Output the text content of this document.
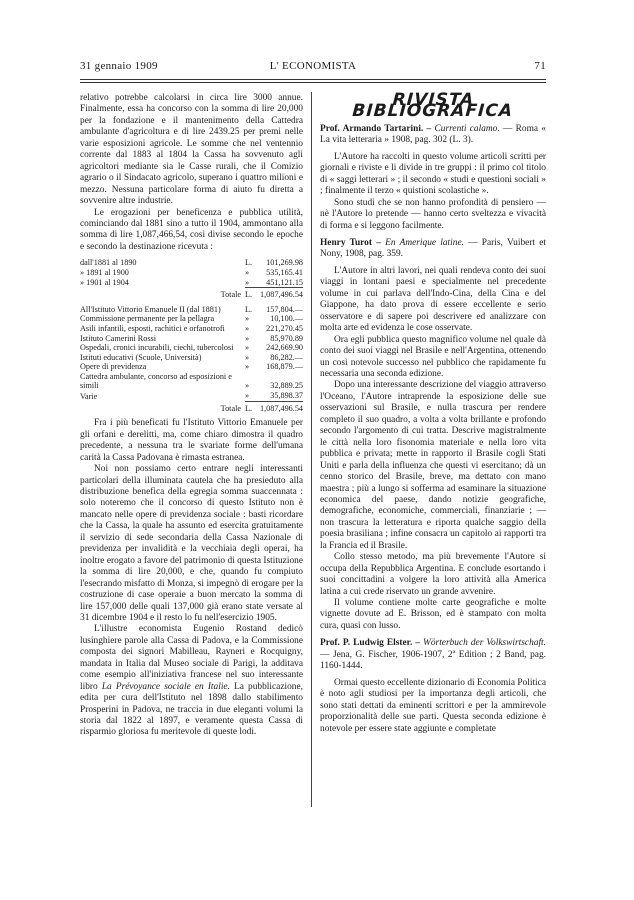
31 gennaio 1909	L' ECONOMISTA	71

relativo potrebbe calcolarsi in circa lire 3000 annue. Finalmente, essa ha concorso con la somma di lire 20,000 per la fondazione e il mantenimento della Cattedra ambulante d'agricoltura e di lire 2439.25 per premi nelle varie esposizioni agricole. Le somme che nel ventennio corrente dal 1883 al 1804 la Cassa ha sovvenuto agli agricoltori mediante sia le Casse rurali, che il Comizio agrario o il Sindacato agricolo, superano i quattro milioni e mezzo. Nessuna particolare forma di aiuto fu diretta a sovvenire altre industrie.

Le erogazioni per beneficenza e pubblica utilità, cominciando dal 1881 sino a tutto il 1904, ammontano alla somma di lire 1,087,466,54, così divise secondo le epoche e secondo la destinazione ricevuta :

dall'1881 al 1890	L.	101,269.98
» 1891 al 1900	»	535,165.41
» 1901 al 1904	»	451,121.15
Totale	L.	1,087,496.54
All'Istituto Vittorio Emanuele II (dal 1881)	L.	157,804.—
Commissione permanente per la pellagra	»	10,100.—
Asili infantili, esposti, rachitici e orfanotrofi	»	221,270.45
Istituto Camerini Rossi	»	85,970.89
Ospedali, cronici incurabili, ciechi, tubercolosi	»	242,669.90
Istituti educativi (Scuole, Università)	»	86,282.—
Opere di previdenza	»	168,879.—
Cattedra ambulante, concorso ad esposizioni e simili	»	32,889.25
Varie	»	35,898.37
Totale	L.	1,087,496.54

Fra i più beneficati fu l'Istituto Vittorio Emanuele per gli orfani e derelitti, ma, come chiaro dimostra il quadro precedente, a nessuna tra le svariate forme dell'umana carità la Cassa Padovana è rimasta estranea.

Noi non possiamo certo entrare negli interessanti particolari della illuminata cautela che ha presieduto alla distribuzione benefica della egregia somma suaccennata : solo noteremo che il concorso di questo Istituto non è mancato nelle opere di previdenza sociale : basti ricordare che la Cassa, la quale ha assunto ed esercita gratuitamente il servizio di sede secondaria della Cassa Nazionale di previdenza per invalidità e la vecchiaia degli operai, ha inoltre erogato a favore del patrimonio di questa Istituzione la somma di lire 20,000, e che, quando fu compiuto l'esecrando misfatto di Monza, si impegnò di erogare per la costruzione di case operaie a buon mercato la somma di lire 157,000 delle quali 137,000 già erano state versate al 31 dicembre 1904 e il resto lo fu nell'esercizio 1905.

L'illustre economista Eugenio Rostand dedicò lusinghiere parole alla Cassa di Padova, e la Commissione composta dei signori Mabilleau, Rayneri e Rocquigny, mandata in Italia dal Museo sociale di Parigi, la additava come esempio all'iniziativa francese nel suo interessante libro La Prévoyance sociale en Italie. La pubblicazione, edita per cura dell'Istituto nel 1898 dallo stabilimento Prosperini in Padova, ne traccia in due eleganti volumi la storia dal 1822 al 1897, e veramente questa Cassa di risparmio gloriosa fu meritevole di queste lodi.

RIVISTA BIBLIOGRAFICA

Prof. Armando Tartarini. – Currenti calamo. — Roma « La vita letteraria » 1908, pag. 302 (L. 3).

L'Autore ha raccolti in questo volume articoli scritti per giornali e riviste e li divide in tre gruppi : il primo col titolo di « saggi letterari » ; il secondo « studi e questioni sociali » ; finalmente il terzo « quistioni scolastiche ».

Sono studi che se non hanno profondità di pensiero — nè l'Autore lo pretende — hanno certo sveltezza e vivacità di forma e si leggono facilmente.

Henry Turot – En Amerique latine. — Paris, Vuibert et Nony, 1908, pag. 359.

L'Autore in altri lavori, nei quali rendeva conto dei suoi viaggi in lontani paesi e specialmente nel precedente volume in cui parlava dell'Indo-Cina, della Cina e del Giappone, ha dato prova di essere eccellente e serio osservatore e di sapere poi descrivere ed analizzare con molta arte ed evidenza le cose osservate.

Ora egli pubblica questo magnifico volume nel quale dà conto dei suoi viaggi nel Brasile e nell'Argentina, ottenendo un così notevole successo nel pubblico che rapidamente fu necessaria una seconda edizione.

Dopo una interessante descrizione del viaggio attraverso l'Oceano, l'Autore intraprende la esposizione delle sue osservazioni sul Brasile, e nulla trascura per rendere completo il suo quadro, a volta a volta brillante e profondo secondo l'argomento di cui tratta. Descrive magistralmente le città nella loro fisonomia materiale e nella loro vita pubblica e privata; mette in rapporto il Brasile cogli Stati Uniti e parla della influenza che questi vi esercitano; dà un cenno storico del Brasile, breve, ma dettato con mano maestra ; più a lungo si sofferma ad esaminare la situazione economica del paese, dando notizie geografiche, demografiche, economiche, commerciali, finanziarie ; — non trascura la letteratura e riporta qualche saggio della poesia brasiliana ; infine consacra un capitolo ai rapporti tra la Francia ed il Brasile.

Collo stesso metodo, ma più brevemente l'Autore si occupa della Repubblica Argentina. E conclude esortando i suoi concittadini a volgere la loro attività alla America latina a cui crede riservato un grande avvenire.

Il volume contiene molte carte geografiche e molte vignette dovute ad E. Brisson, ed è stampato con molta cura, quasi con lusso.

Prof. P. Ludwig Elster. – Wörterbuch der Volkswirtschaft. — Jena, G. Fischer, 1906-1907, 2ª Edition ; 2 Band, pag. 1160-1444.

Ormai questo eccellente dizionario di Economia Politica è noto agli studiosi per la importanza degli articoli, che sono stati dettati da eminenti scrittori e per la ammirevole proporzionalità delle sue parti. Questa seconda edizione è notevole per essere state aggiunte e completate
